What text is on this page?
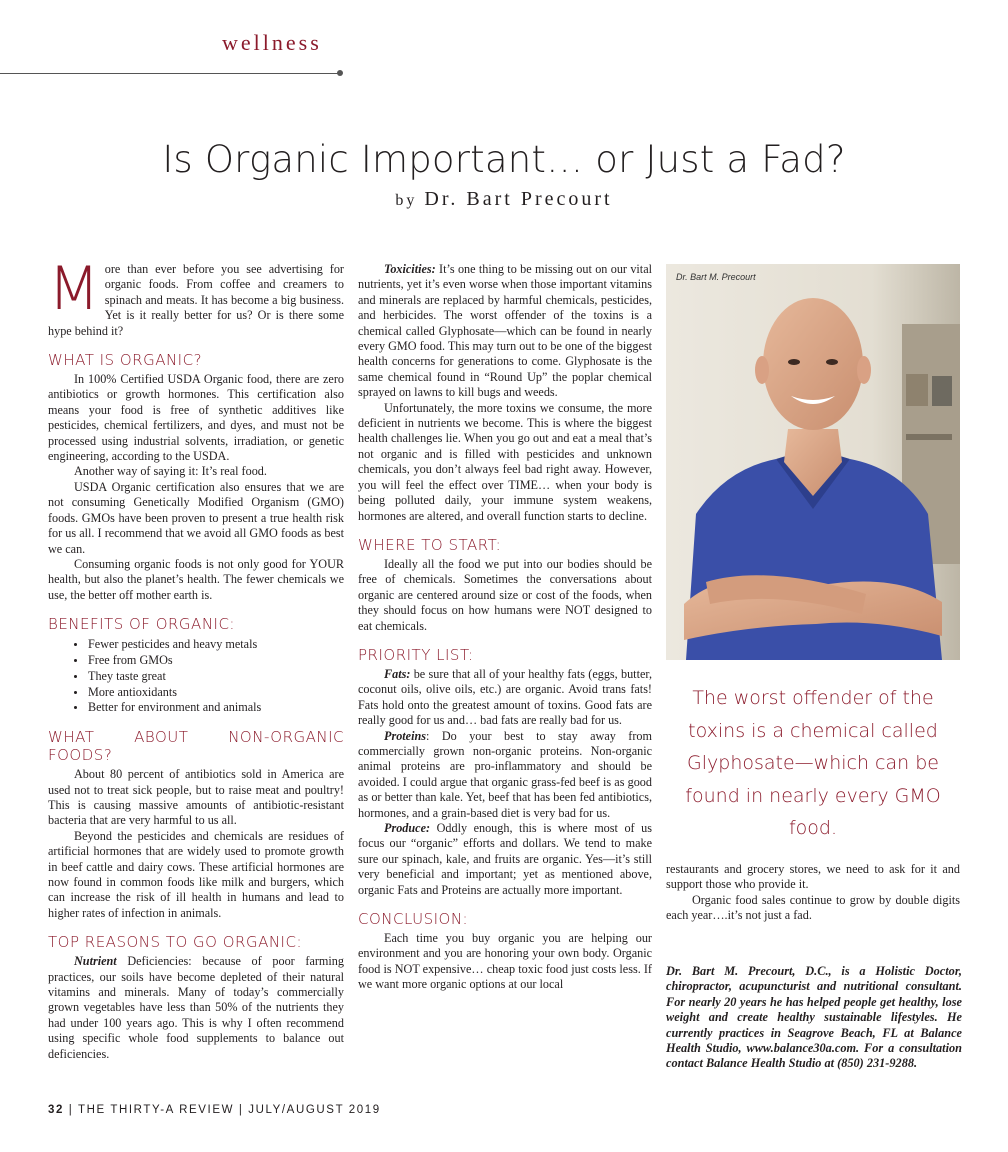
wellness
Is Organic Important… or Just a Fad?
by Dr. Bart Precourt

More than ever before you see advertising for organic foods. From coffee and creamers to spinach and meats. It has become a big business. Yet is it really better for us? Or is there some hype behind it?

WHAT IS ORGANIC?

In 100% Certified USDA Organic food, there are zero antibiotics or growth hormones. This certification also means your food is free of synthetic additives like pesticides, chemical fertilizers, and dyes, and must not be processed using industrial solvents, irradiation, or genetic engineering, according to the USDA.

Another way of saying it: It’s real food.

USDA Organic certification also ensures that we are not consuming Genetically Modified Organism (GMO) foods. GMOs have been proven to present a true health risk for us all. I recommend that we avoid all GMO foods as best we can.

Consuming organic foods is not only good for YOUR health, but also the planet’s health. The fewer chemicals we use, the better off mother earth is.

BENEFITS OF ORGANIC:
Fewer pesticides and heavy metals
Free from GMOs
They taste great
More antioxidants
Better for environment and animals
WHAT ABOUT NON-ORGANIC FOODS?

About 80 percent of antibiotics sold in America are used not to treat sick people, but to raise meat and poultry! This is causing massive amounts of antibiotic-resistant bacteria that are very harmful to us all.

Beyond the pesticides and chemicals are residues of artificial hormones that are widely used to promote growth in beef cattle and dairy cows. These artificial hormones are now found in common foods like milk and burgers, which can increase the risk of ill health in humans and lead to higher rates of infection in animals.

TOP REASONS TO GO ORGANIC:

Nutrient Deficiencies: because of poor farming practices, our soils have become depleted of their natural vitamins and minerals. Many of today’s commercially grown vegetables have less than 50% of the nutrients they had under 100 years ago. This is why I often recommend using specific whole food supplements to balance out deficiencies.

Toxicities: It’s one thing to be missing out on our vital nutrients, yet it’s even worse when those important vitamins and minerals are replaced by harmful chemicals, pesticides, and herbicides. The worst offender of the toxins is a chemical called Glyphosate—which can be found in nearly every GMO food. This may turn out to be one of the biggest health concerns for generations to come. Glyphosate is the same chemical found in “Round Up” the poplar chemical sprayed on lawns to kill bugs and weeds.

Unfortunately, the more toxins we consume, the more deficient in nutrients we become. This is where the biggest health challenges lie. When you go out and eat a meal that’s not organic and is filled with pesticides and unknown chemicals, you don’t always feel bad right away. However, you will feel the effect over TIME… when your body is being polluted daily, your immune system weakens, hormones are altered, and overall function starts to decline.

WHERE TO START:

Ideally all the food we put into our bodies should be free of chemicals. Sometimes the conversations about organic are centered around size or cost of the foods, when they should focus on how humans were NOT designed to eat chemicals.

PRIORITY LIST:

Fats: be sure that all of your healthy fats (eggs, butter, coconut oils, olive oils, etc.) are organic. Avoid trans fats! Fats hold onto the greatest amount of toxins. Good fats are really good for us and… bad fats are really bad for us.

Proteins: Do your best to stay away from commercially grown non-organic proteins. Non-organic animal proteins are pro-inflammatory and should be avoided. I could argue that organic grass-fed beef is as good as or better than kale. Yet, beef that has been fed antibiotics, hormones, and a grain-based diet is very bad for us.

Produce: Oddly enough, this is where most of us focus our “organic” efforts and dollars. We tend to make sure our spinach, kale, and fruits are organic. Yes—it’s still very beneficial and important; yet as mentioned above, organic Fats and Proteins are actually more important.

CONCLUSION:

Each time you buy organic you are helping our environment and you are honoring your own body. Organic food is NOT expensive… cheap toxic food just costs less. If we want more organic options at our local

Dr. Bart M. Precourt
The worst offender of the toxins is a chemical called Glyphosate—which can be found in nearly every GMO food.

restaurants and grocery stores, we need to ask for it and support those who provide it.

Organic food sales continue to grow by double digits each year….it’s not just a fad.

Dr. Bart M. Precourt, D.C., is a Holistic Doctor, chiropractor, acupuncturist and nutritional consultant. For nearly 20 years he has helped people get healthy, lose weight and create healthy sustainable lifestyles. He currently practices in Seagrove Beach, FL at Balance Health Studio, www.balance30a.com. For a consultation contact Balance Health Studio at (850) 231-9288.
32 | THE THIRTY-A REVIEW | JULY/AUGUST 2019
